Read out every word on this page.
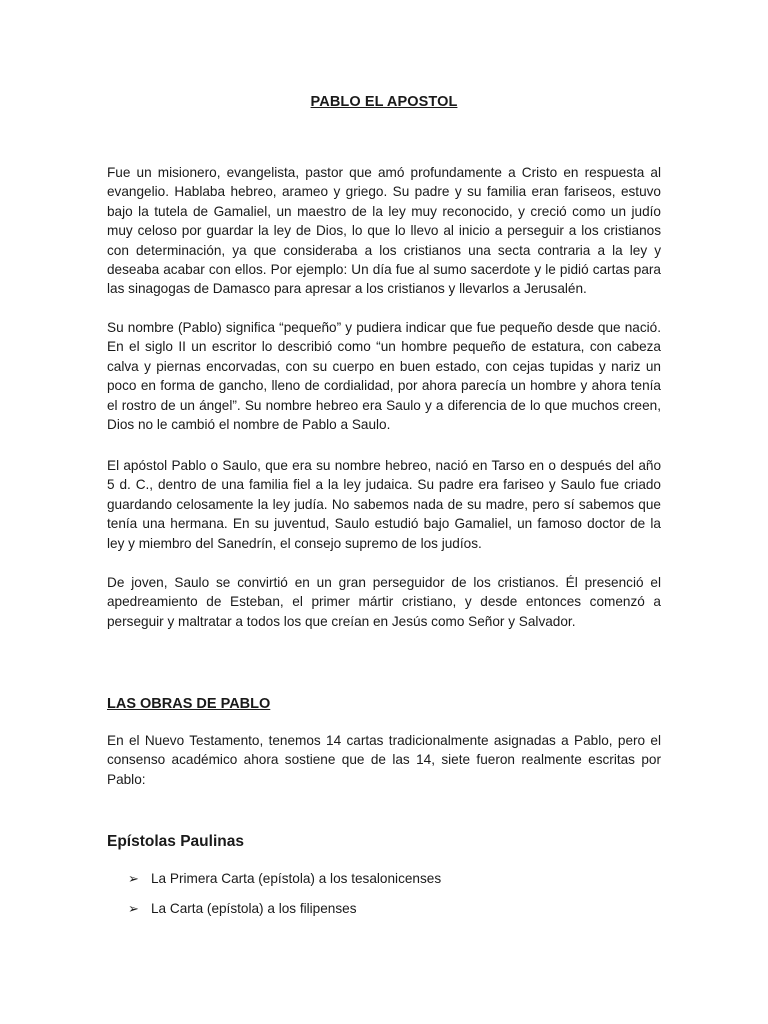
PABLO EL APOSTOL

Fue un misionero, evangelista, pastor que amó profundamente a Cristo en respuesta al evangelio. Hablaba hebreo, arameo y griego. Su padre y su familia eran fariseos, estuvo bajo la tutela de Gamaliel, un maestro de la ley muy reconocido, y creció como un judío muy celoso por guardar la ley de Dios, lo que lo llevo al inicio a perseguir a los cristianos con determinación, ya que consideraba a los cristianos una secta contraria a la ley y deseaba acabar con ellos. Por ejemplo: Un día fue al sumo sacerdote y le pidió cartas para las sinagogas de Damasco para apresar a los cristianos y llevarlos a Jerusalén.

Su nombre (Pablo) significa “pequeño” y pudiera indicar que fue pequeño desde que nació. En el siglo II un escritor lo describió como “un hombre pequeño de estatura, con cabeza calva y piernas encorvadas, con su cuerpo en buen estado, con cejas tupidas y nariz un poco en forma de gancho, lleno de cordialidad, por ahora parecía un hombre y ahora tenía el rostro de un ángel”. Su nombre hebreo era Saulo y a diferencia de lo que muchos creen, Dios no le cambió el nombre de Pablo a Saulo.

El apóstol Pablo o Saulo, que era su nombre hebreo, nació en Tarso en o después del año 5 d. C., dentro de una familia fiel a la ley judaica. Su padre era fariseo y Saulo fue criado guardando celosamente la ley judía. No sabemos nada de su madre, pero sí sabemos que tenía una hermana. En su juventud, Saulo estudió bajo Gamaliel, un famoso doctor de la ley y miembro del Sanedrín, el consejo supremo de los judíos.

De joven, Saulo se convirtió en un gran perseguidor de los cristianos. Él presenció el apedreamiento de Esteban, el primer mártir cristiano, y desde entonces comenzó a perseguir y maltratar a todos los que creían en Jesús como Señor y Salvador.

LAS OBRAS DE PABLO

En el Nuevo Testamento, tenemos 14 cartas tradicionalmente asignadas a Pablo, pero el consenso académico ahora sostiene que de las 14, siete fueron realmente escritas por Pablo:

Epístolas Paulinas
➢ La Primera Carta (epístola) a los tesalonicenses
➢ La Carta (epístola) a los filipenses
